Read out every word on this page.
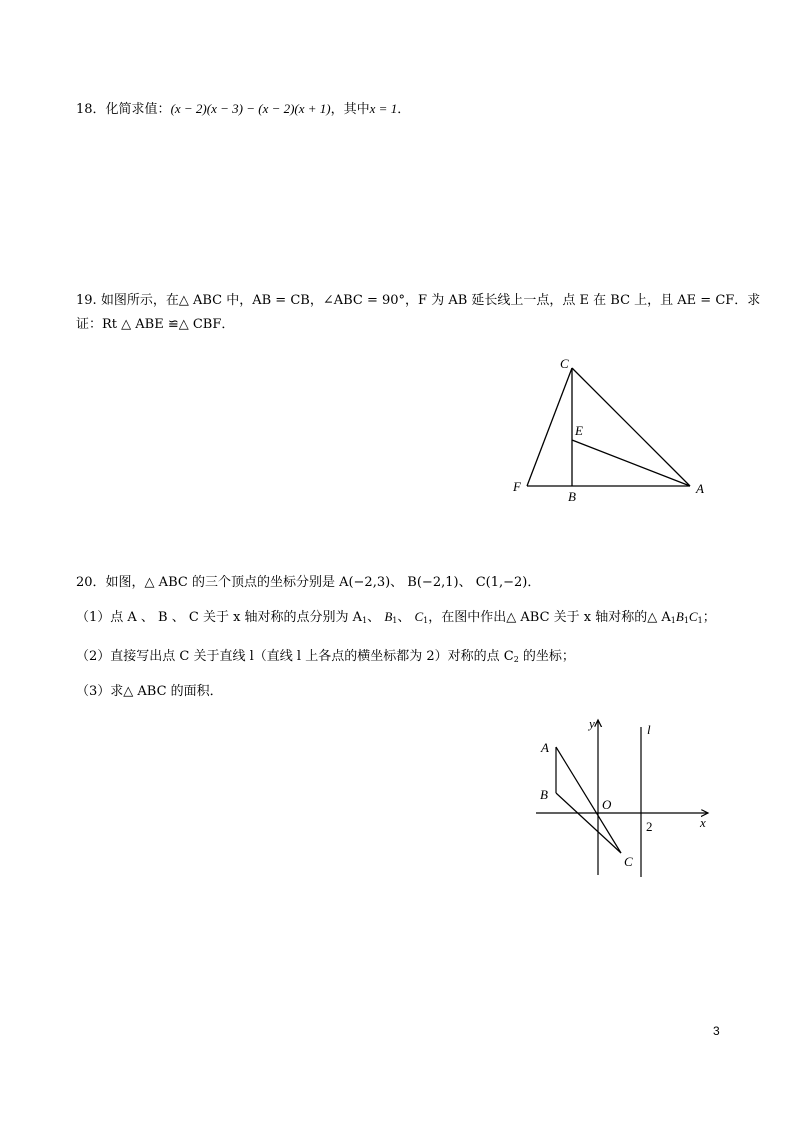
18．化简求值：(x − 2)(x − 3) − (x − 2)(x + 1)，其中x = 1．
19. 如图所示，在△ ABC 中，AB = CB，∠ABC = 90°，F 为 AB 延长线上一点，点 E 在 BC 上，且 AE = CF．求
证：Rt △ ABE ≌△ CBF．
C
E
F
B
A
20．如图，△ ABC 的三个顶点的坐标分别是 A(−2,3)、 B(−2,1)、 C(1,−2)．
（1）点 A 、 B 、 C 关于 x 轴对称的点分别为 $A_1$、 $B_1$、 $C_1$，在图中作出△ ABC 关于 x 轴对称的△ $A_1B_1C_1$；
（2）直接写出点 C 关于直线 l（直线 l 上各点的横坐标都为 2）对称的点 $C_2$ 的坐标；
（3）求△ ABC 的面积．
y	l
A
B
O
2	x
C
3
